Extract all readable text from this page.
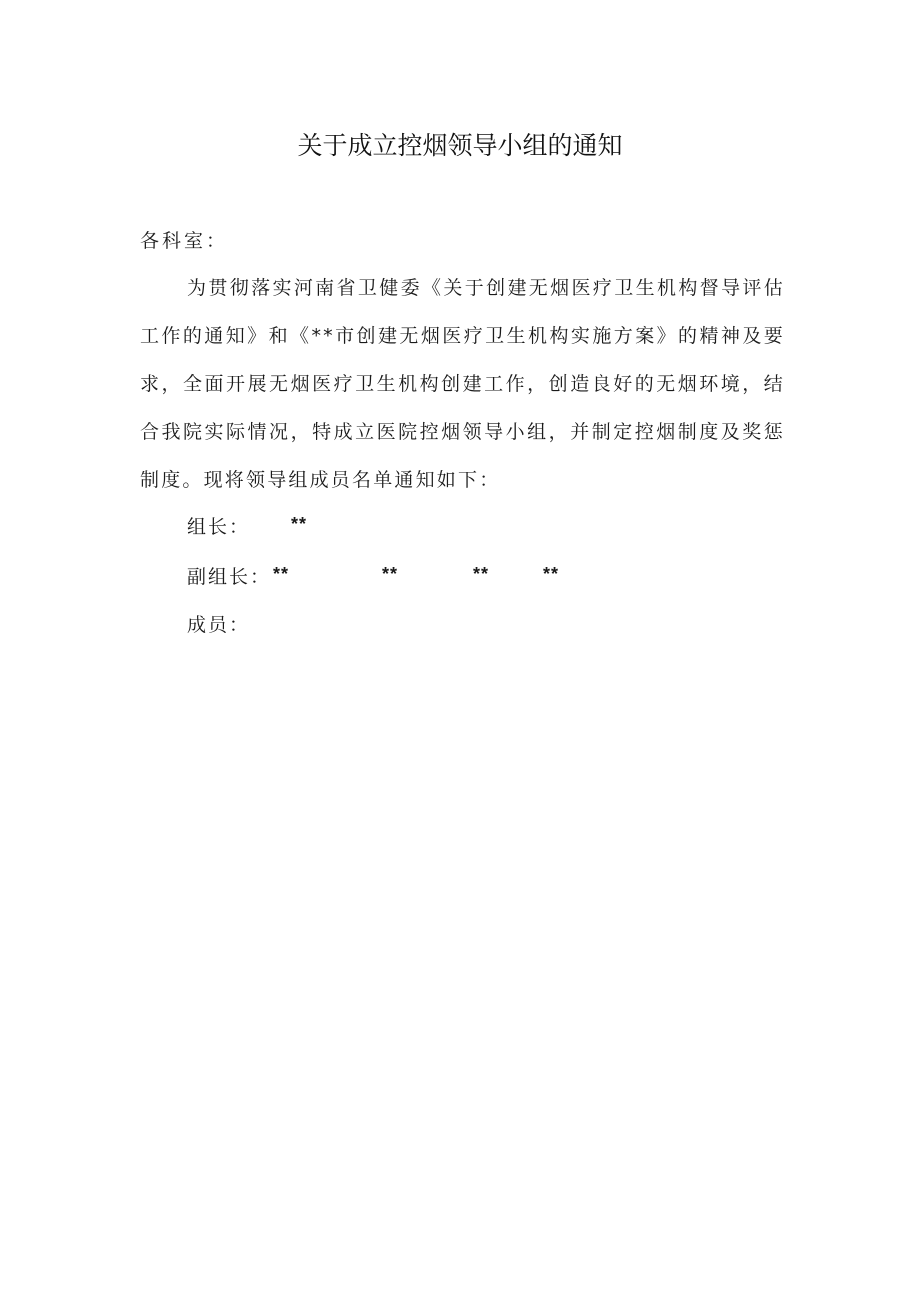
关于成立控烟领导小组的通知
各科室：
为贯彻落实河南省卫健委《关于创建无烟医疗卫生机构督导评估
工作的通知》和《**市创建无烟医疗卫生机构实施方案》的精神及要
求，全面开展无烟医疗卫生机构创建工作，创造良好的无烟环境，结
合我院实际情况，特成立医院控烟领导小组，并制定控烟制度及奖惩
制度。现将领导组成员名单通知如下：
组长： **
副组长： **	**	**	**
成员：
